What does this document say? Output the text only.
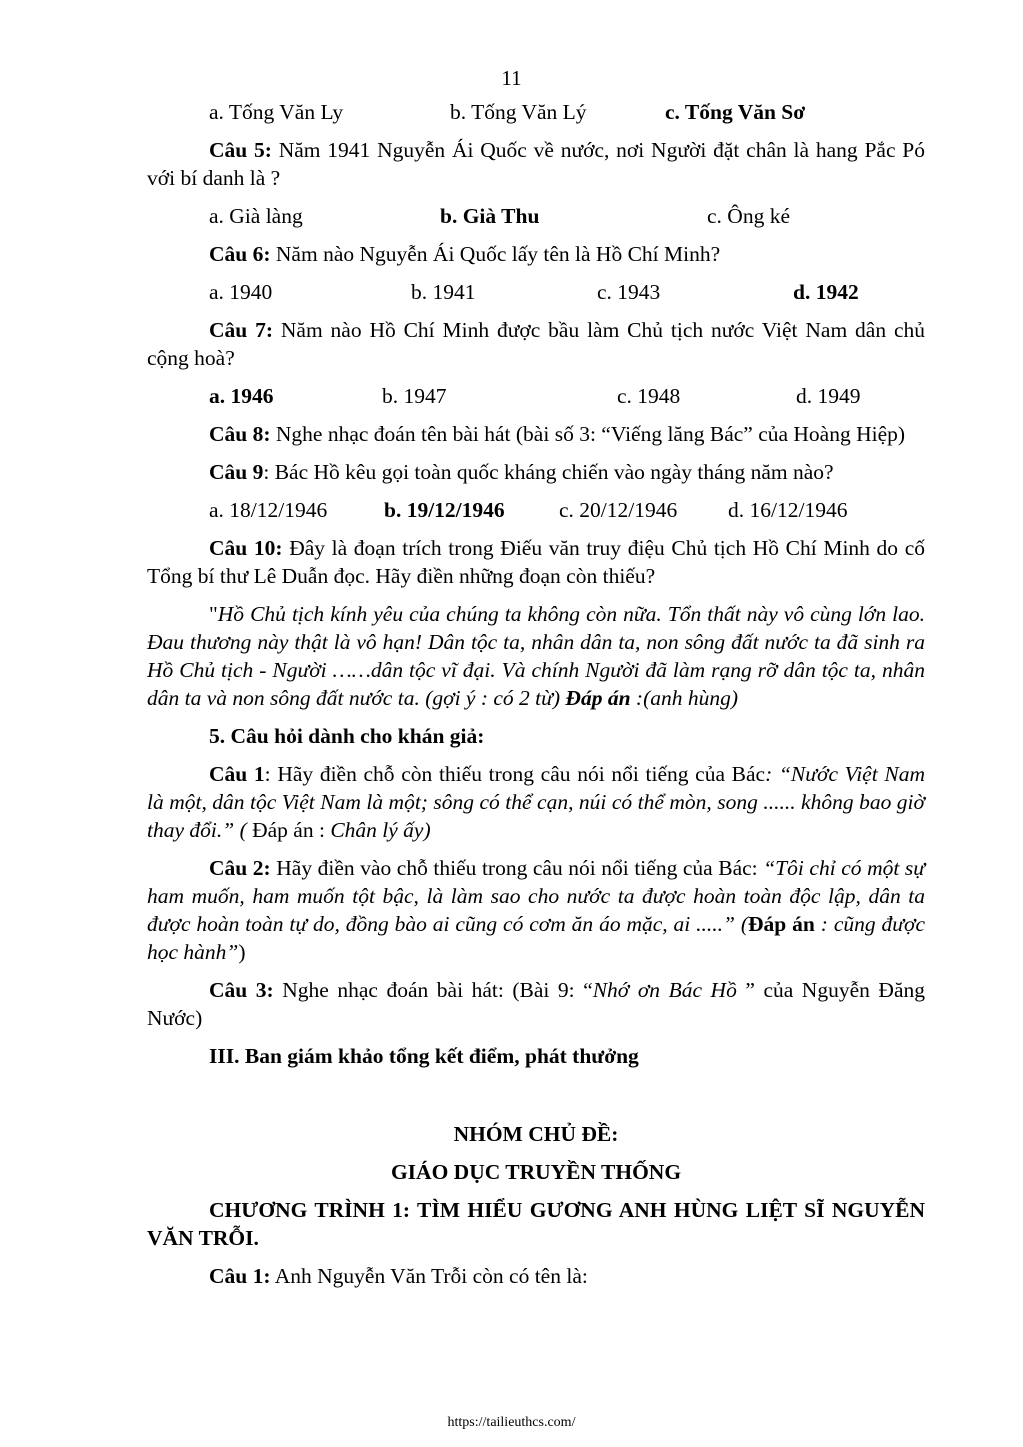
11
a. Tống Văn Ly	b. Tống Văn Lý	c. Tống Văn Sơ

Câu 5: Năm 1941 Nguyễn Ái Quốc về nước, nơi Người đặt chân là hang Pắc Pó với bí danh là ?

a. Già làng	b. Già Thu	c. Ông ké

Câu 6: Năm nào Nguyễn Ái Quốc lấy tên là Hồ Chí Minh?

a. 1940	b. 1941	c. 1943	d. 1942

Câu 7: Năm nào Hồ Chí Minh được bầu làm Chủ tịch nước Việt Nam dân chủ cộng hoà?

a. 1946	b. 1947	c. 1948	d. 1949

Câu 8: Nghe nhạc đoán tên bài hát (bài số 3: “Viếng lăng Bác” của Hoàng Hiệp)

Câu 9: Bác Hồ kêu gọi toàn quốc kháng chiến vào ngày tháng năm nào?

a. 18/12/1946	b. 19/12/1946	c. 20/12/1946 d. 16/12/1946

Câu 10: Đây là đoạn trích trong Điếu văn truy điệu Chủ tịch Hồ Chí Minh do cố Tổng bí thư Lê Duẫn đọc. Hãy điền những đoạn còn thiếu?

"Hồ Chủ tịch kính yêu của chúng ta không còn nữa. Tổn thất này vô cùng lớn lao. Đau thương này thật là vô hạn! Dân tộc ta, nhân dân ta, non sông đất nước ta đã sinh ra Hồ Chủ tịch - Người ……dân tộc vĩ đại. Và chính Người đã làm rạng rỡ dân tộc ta, nhân dân ta và non sông đất nước ta. (gợi ý : có 2 từ) Đáp án :(anh hùng)

5. Câu hỏi dành cho khán giả:

Câu 1: Hãy điền chỗ còn thiếu trong câu nói nổi tiếng của Bác: “Nước Việt Nam là một, dân tộc Việt Nam là một; sông có thể cạn, núi có thể mòn, song ...... không bao giờ thay đổi.” ( Đáp án : Chân lý ấy)

Câu 2: Hãy điền vào chỗ thiếu trong câu nói nổi tiếng của Bác: “Tôi chỉ có một sự ham muốn, ham muốn tột bậc, là làm sao cho nước ta được hoàn toàn độc lập, dân ta được hoàn toàn tự do, đồng bào ai cũng có cơm ăn áo mặc, ai .....” (Đáp án : cũng được học hành”)

Câu 3: Nghe nhạc đoán bài hát: (Bài 9: “Nhớ ơn Bác Hồ ” của Nguyễn Đăng Nước)

III. Ban giám khảo tổng kết điểm, phát thưởng

NHÓM CHỦ ĐỀ:

GIÁO DỤC TRUYỀN THỐNG

CHƯƠNG TRÌNH 1: TÌM HIỂU GƯƠNG ANH HÙNG LIỆT SĨ NGUYỄN VĂN TRỖI.

Câu 1: Anh Nguyễn Văn Trỗi còn có tên là:

https://tailieuthcs.com/
